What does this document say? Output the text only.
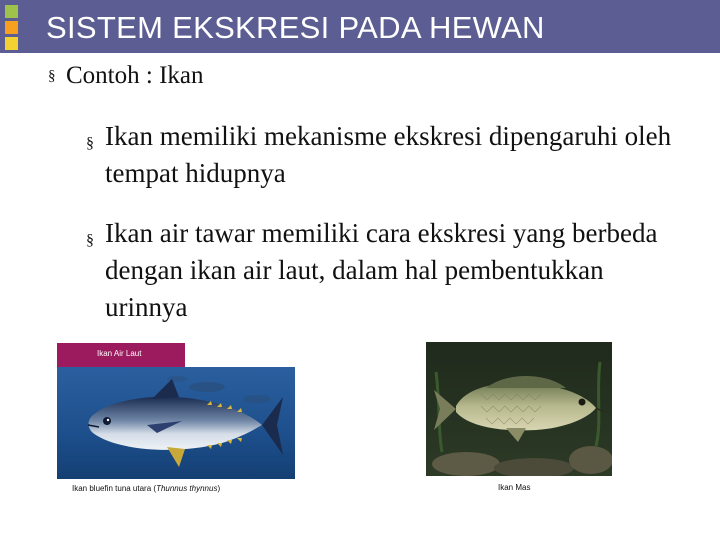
SISTEM EKSKRESI PADA HEWAN
§ Contoh : Ikan
§ Ikan memiliki mekanisme ekskresi dipengaruhi oleh tempat hidupnya
§ Ikan air tawar memiliki cara ekskresi yang berbeda dengan ikan air laut, dalam hal pembentukkan urinnya
Ikan Air Laut
Ikan bluefin tuna utara (Thunnus thynnus)	Ikan Mas
